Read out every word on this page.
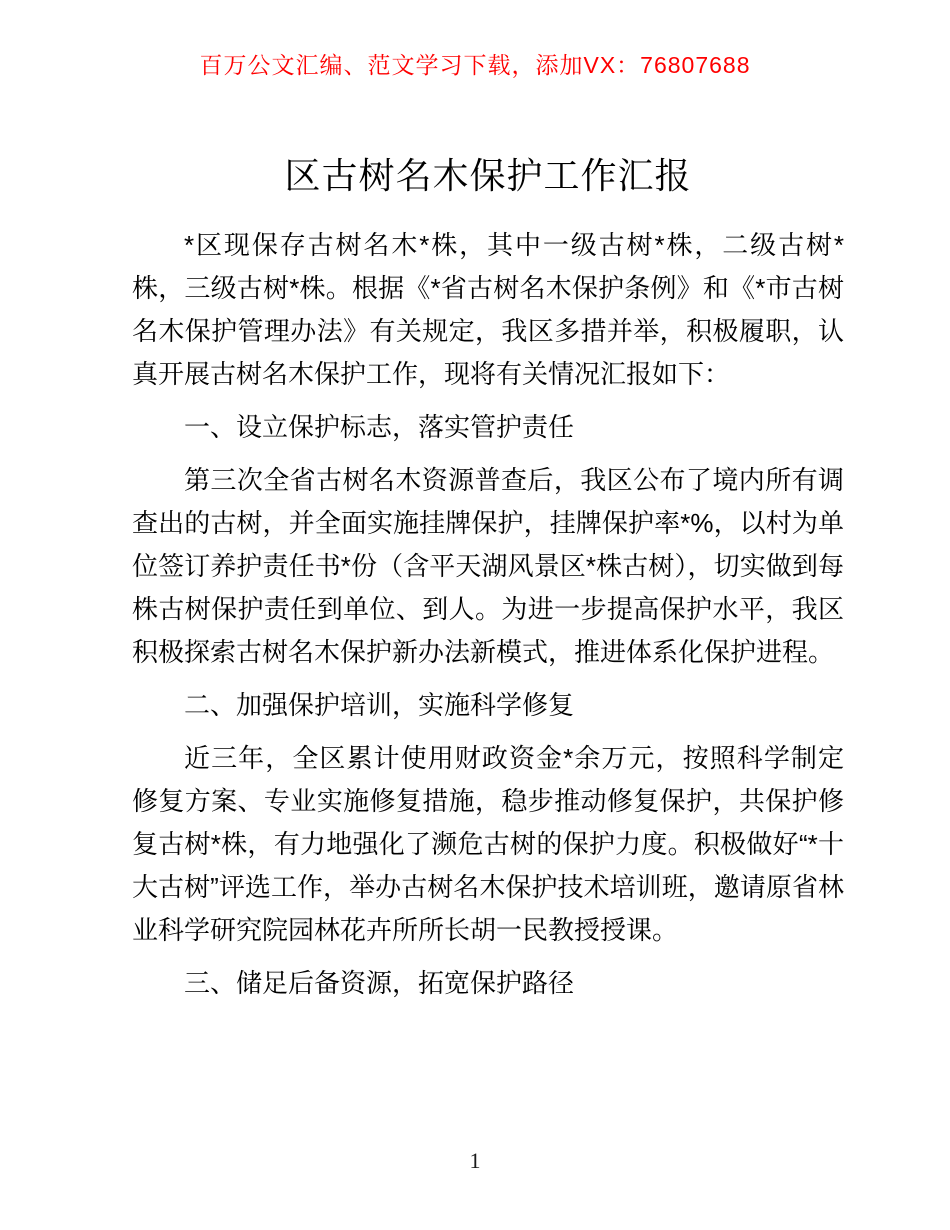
百万公文汇编、范文学习下载，添加VX：76807688
区古树名木保护工作汇报

*区现保存古树名木*株，其中一级古树*株，二级古树*株，三级古树*株。根据《*省古树名木保护条例》和《*市古树名木保护管理办法》有关规定，我区多措并举，积极履职，认真开展古树名木保护工作，现将有关情况汇报如下：

一、设立保护标志，落实管护责任

第三次全省古树名木资源普查后，我区公布了境内所有调查出的古树，并全面实施挂牌保护，挂牌保护率*%，以村为单位签订养护责任书*份（含平天湖风景区*株古树），切实做到每株古树保护责任到单位、到人。为进一步提高保护水平，我区积极探索古树名木保护新办法新模式，推进体系化保护进程。

二、加强保护培训，实施科学修复

近三年，全区累计使用财政资金*余万元，按照科学制定修复方案、专业实施修复措施，稳步推动修复保护，共保护修复古树*株，有力地强化了濒危古树的保护力度。积极做好“*十大古树”评选工作，举办古树名木保护技术培训班，邀请原省林业科学研究院园林花卉所所长胡一民教授授课。

三、储足后备资源，拓宽保护路径

1
